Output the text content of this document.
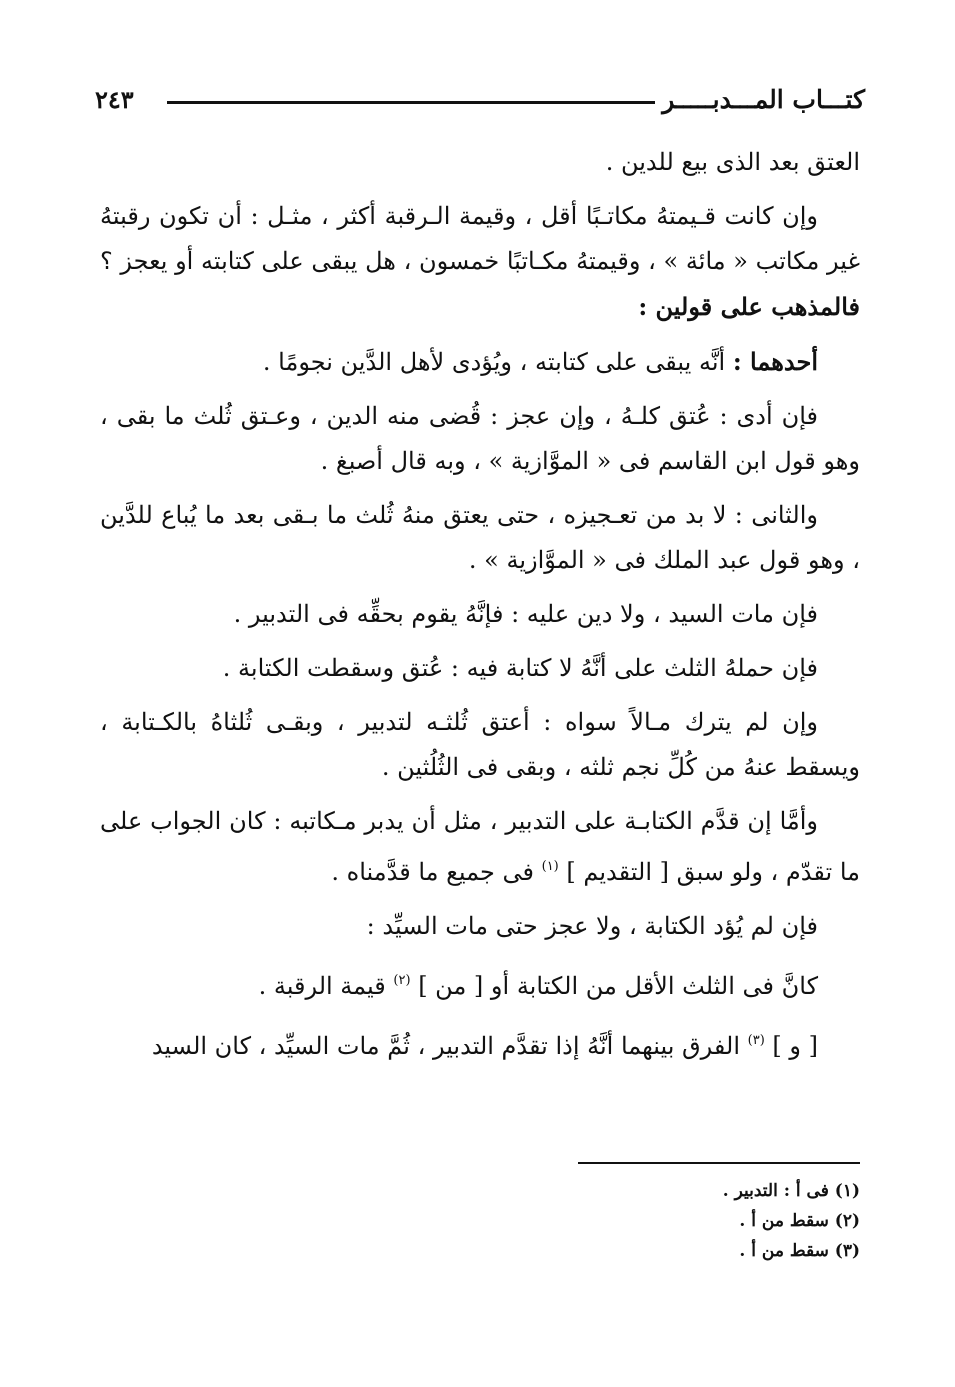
كتـــاب المـــدبـــــر
٢٤٣

العتق بعد الذى بيع للدين .

وإن كانت قـيمتهُ مكاتـبًا أقل ، وقيمة الـرقبة أكثر ، مثـل : أن تكون رقبتهُ غير مكاتب « مائة » ، وقيمتهُ مكـاتبًا خمسون ، هل يبقى على كتابته أو يعجز ؟ فالمذهب على قولين :

أحدهما : أنَّه يبقى على كتابته ، ويُؤدى لأهل الدَّين نجومًا .

فإن أدى : عُتق كلـهُ ، وإن عجز : قُضى منه الدين ، وعـتق ثُلث ما بقى ، وهو قول ابن القاسم فى « الموَّازية » ، وبه قال أصبغ .

والثانى : لا بد من تعـجيزه ، حتى يعتق منهُ ثُلث ما بـقى بعد ما يُباع للدَّين ، وهو قول عبد الملك فى « الموَّازية » .

فإن مات السيد ، ولا دين عليه : فإنَّهُ يقوم بحقِّه فى التدبير .

فإن حملهُ الثلث على أنَّهُ لا كتابة فيه : عُتق وسقطت الكتابة .

وإن لم يترك مـالاً سواه : أعتق ثُلثـه لتدبير ، وبقـى ثُلثاهُ بالكـتابة ، ويسقط عنهُ من كُلِّ نجم ثلثه ، وبقى فى الثُلُثين .

وأمَّا إن قدَّم الكتابـة على التدبير ، مثل أن يدبر مـكاتبه : كان الجواب على ما تقدّم ، ولو سبق [ التقديم ] $^{(١)}$ فى جميع ما قدَّمناه .

فإن لم يُؤد الكتابة ، ولا عجز حتى مات السيِّد :

كانَّ فى الثلث الأقل من الكتابة أو [ من ] $^{(٢)}$ قيمة الرقبة .

[ و ] $^{(٣)}$ الفرق بينهما أنَّهُ إذا تقدَّم التدبير ، ثُمَّ مات السيِّد ، كان السيد

(١) فى أ : التدبير .
(٢) سقط من أ .
(٣) سقط من أ .
